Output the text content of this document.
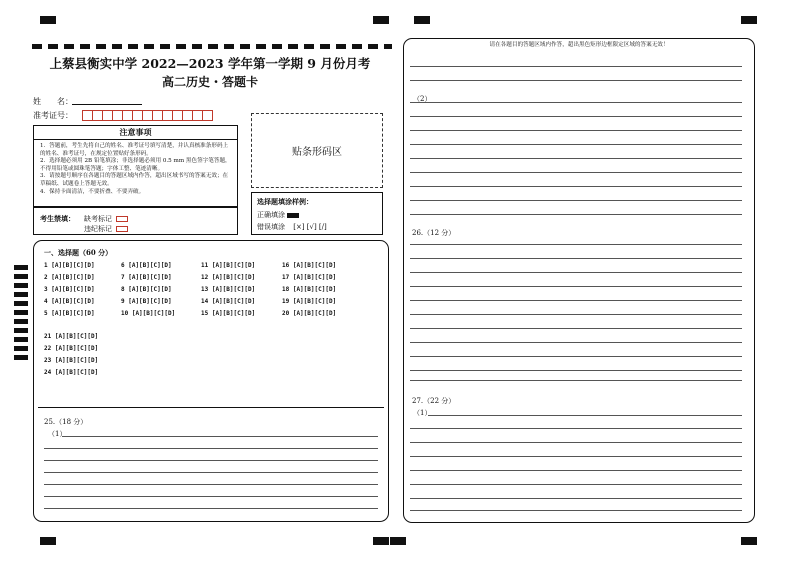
上蔡县衡实中学 2022—2023 学年第一学期 9 月份月考
高二历史・答题卡
姓　　名：
准考证号：
贴条形码区
注意事项

1．答题前，考生先将自己的姓名、准考证号填写清楚，并认真核准条形码上的姓名、准考证号，在规定位置贴好条形码。

2．选择题必须用 2B 铅笔填涂；非选择题必须用 0.5 mm 黑色签字笔答题，不得用铅笔或圆珠笔答题；字体工整、笔迹清晰。

3．请按题号顺序在各题目的答题区域内作答，超出区域书写的答案无效；在草稿纸、试题卷上答题无效。

4．保持卡面清洁，不要折叠、不要弄破。

考生禁填： 缺考标记
违纪标记
选择题填涂样例：
正确填涂
错误填涂 [×] [√] [/]
一、选择题（60 分）
1 [A][B][C][D]
2 [A][B][C][D]
3 [A][B][C][D]
4 [A][B][C][D]
5 [A][B][C][D]
6 [A][B][C][D]
7 [A][B][C][D]
8 [A][B][C][D]
9 [A][B][C][D]
10 [A][B][C][D]
11 [A][B][C][D]
12 [A][B][C][D]
13 [A][B][C][D]
14 [A][B][C][D]
15 [A][B][C][D]
16 [A][B][C][D]
17 [A][B][C][D]
18 [A][B][C][D]
19 [A][B][C][D]
20 [A][B][C][D]
21 [A][B][C][D]
22 [A][B][C][D]
23 [A][B][C][D]
24 [A][B][C][D]
25.（18 分）
（1）
请在各题目的答题区域内作答，超出黑色矩形边框限定区域的答案无效！
（2）
26.（12 分）
27.（22 分）
（1）
